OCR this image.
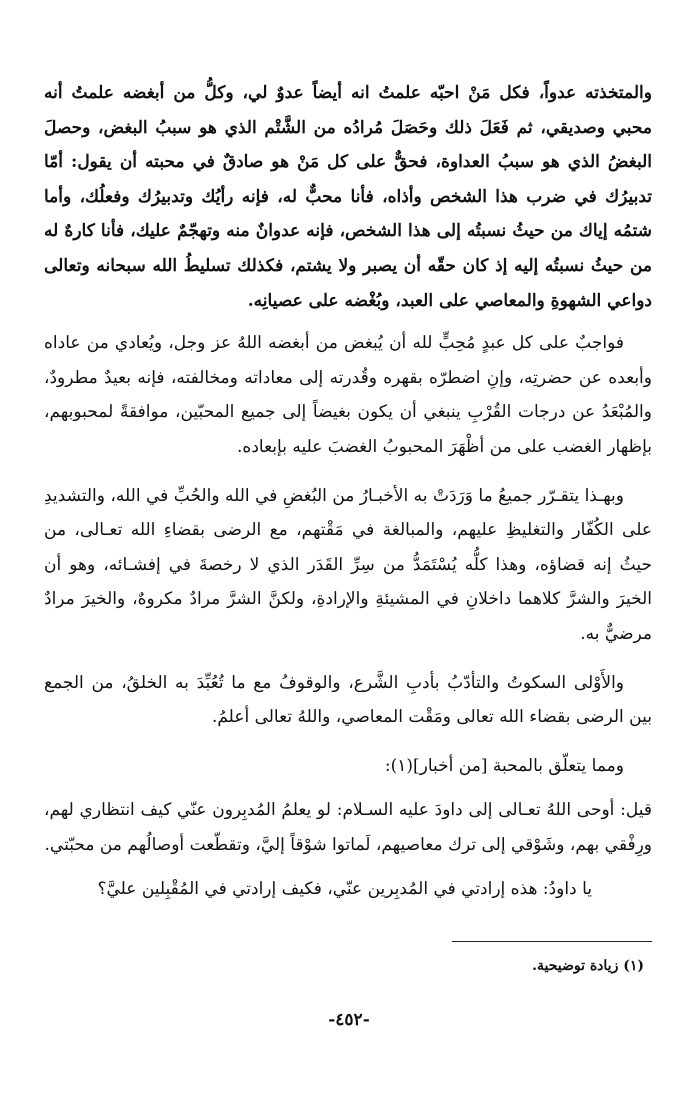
والمتخذته عدواً، فكل مَنْ احبّه علمتُ انه أيضاً عدوٌ لي، وكلُّ من أبغضه علمتُ أنه محبي وصديقي، ثم فَعَلَ ذلك وحَصَلَ مُرادُه من الشَّتْم الذي هو سببُ البغض، وحصلَ البغضُ الذي هو سببُ العداوة، فحقٌّ على كل مَنْ هو صادقٌ في محبته أن يقول: أمّا تدبيرُك في ضرب هذا الشخص وأذاه، فأنا محبٌّ له، فإنه رأيُك وتدبيرُك وفعلُك، وأما شتمُه إياك من حيثُ نسبتُه إلى هذا الشخص، فإنه عدوانٌ منه وتهجّمٌ عليك، فأنا كارهٌ له من حيثُ نسبتُه إليه إذ كان حقّه أن يصبر ولا يشتم، فكذلك تسليطُ الله سبحانه وتعالى دواعي الشهوةِ والمعاصي على العبد، وبُغْضه على عصيانِه.

فواجبٌ على كل عبدٍ مُحِبٍّ لله أن يُبغض من أبغضه اللهُ عز وجل، ويُعادي من عاداه وأبعده عن حضرتِه، وإنِ اضطرّه بقهره وقُدرته إلى معاداته ومخالفته، فإنه بعيدٌ مطرودٌ، والمُبْعَدُ عن درجات القُرْبِ ينبغي أن يكون بغيضاً إلى جميع المحبّين، موافقةً لمحبوبهم، بإظهار الغضب على من أظْهَرَ المحبوبُ الغضبَ عليه بإبعاده.

وبهـذا يتقـرّر جميعُ ما وَرَدَتْ به الأخبـارُ من البُغضِ في الله والحُبِّ في الله، والتشديدِ على الكُفّار والتغليظِ عليهم، والمبالغة في مَقْتهم، مع الرضى بقضاءِ الله تعـالى، من حيثُ إنه قضاؤه، وهذا كلُّه يُسْتَمَدُّ من سِرِّ القَدَر الذي لا رخصةَ في إفشـائه، وهو أن الخيرَ والشرَّ كلاهما داخلانِ في المشيئةِ والإرادةِ، ولكنَّ الشرَّ مرادٌ مكروهٌ، والخيرَ مرادٌ مرضيٌّ به.

والأَوْلى السكوتُ والتأدّبُ بأدبِ الشَّرع، والوقوفُ مع ما تُعُبِّدَ به الخلقُ، من الجمع بين الرضى بقضاء الله تعالى ومَقْت المعاصي، واللهُ تعالى أعلمُ.

ومما يتعلّق بالمحبة [من أخبار](١):

قيل: أوحى اللهُ تعـالى إلى داودَ عليه السـلام: لو يعلمُ المُدبِرون عنّي كيف انتظاري لهم، ورِفْقي بهم، وشَوْقي إلى ترك معاصيهم، لَماتوا شوْقاً إليَّ، وتقطّعت أوصالُهم من محبّتي.

يا داودُ: هذه إرادتي في المُدبِرين عنّي، فكيف إرادتي في المُقْبِلين عليَّ؟

(١) زيادة توضيحية.
-٤٥٢-
